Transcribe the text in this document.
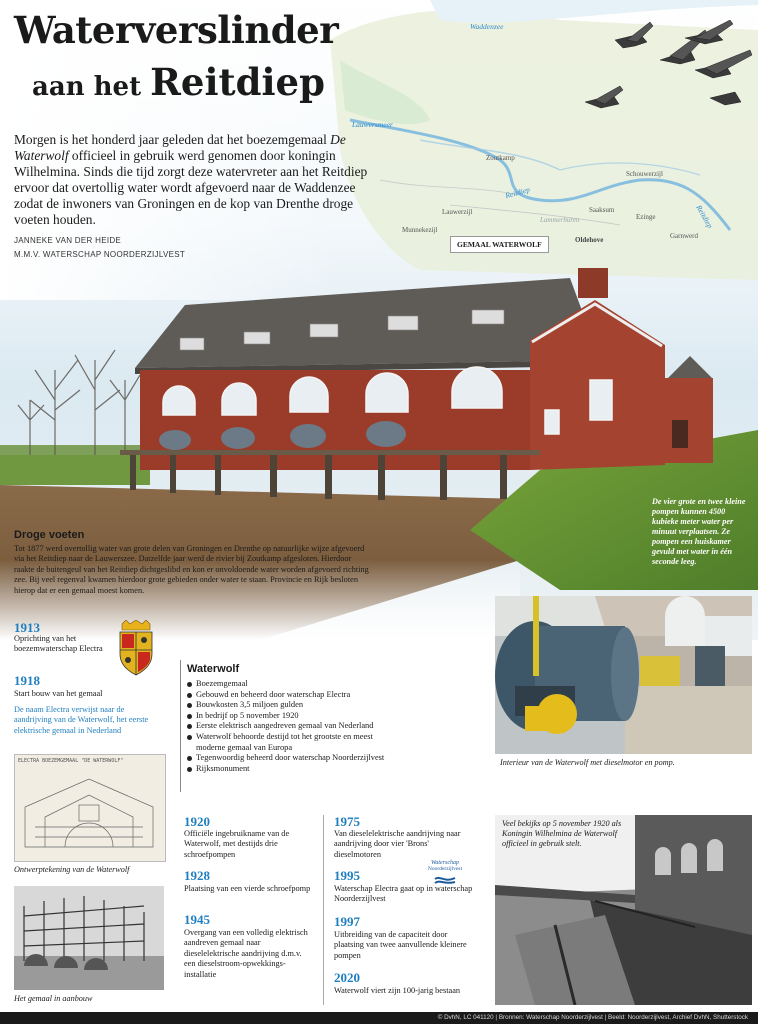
Waddenzee
Lauwersmeer
Reitdiep
Reitdiep
Lammerburen
Zoutkamp
Schouwerzijl
Lauwerzijl	Saaksum
Ezinge
Munnekezijl
Oldehove	Garnwerd
GEMAAL WATERWOLF
Waterverslinder
aan het Reitdiep
Morgen is het honderd jaar geleden dat het boezemgemaal De Waterwolf officieel in gebruik werd genomen door koningin Wilhelmina. Sinds die tijd zorgt deze watervreter aan het Reitdiep ervoor dat overtollig water wordt afgevoerd naar de Waddenzee zodat de inwoners van Groningen en de kop van Drenthe droge voeten houden.
JANNEKE VAN DER HEIDE
M.M.V. WATERSCHAP NOORDERZIJLVEST
De vier grote en twee kleine pompen kunnen 4500 kubieke meter water per minuut verplaatsen. Ze pompen een huiskamer gevuld met water in één seconde leeg.
Droge voeten
Tot 1877 werd overtollig water van grote delen van Groningen en Drenthe op natuurlijke wijze afgevoerd via het Reitdiep naar de Lauwerszee. Datzelfde jaar werd de rivier bij Zoutkamp afgesloten. Hierdoor raakte de buitengeul van het Reitdiep dichtgeslibd en kon er onvoldoende water worden afgevoerd richting zee. Bij veel regenval kwamen hierdoor grote gebieden onder water te staan. Provincie en Rijk besloten hierop dat er een gemaal moest komen.
1913
Oprichting van het boezemwaterschap Electra
1918
Start bouw van het gemaal
De naam Electra verwijst naar de aandrijving van de Waterwolf, het eerste elektrische gemaal in Nederland
ELECTRA BOEZEMGEMAAL "DE WATERWOLF"
Ontwerptekening van de Waterwolf
Het gemaal in aanbouw
Waterwolf
Boezemgemaal
Gebouwd en beheerd door waterschap Electra
Bouwkosten 3,5 miljoen gulden
In bedrijf op 5 november 1920
Eerste elektrisch aangedreven gemaal van Nederland
Waterwolf behoorde destijd tot het grootste en meest moderne gemaal van Europa
Tegenwoordig beheerd door waterschap Noorderzijlvest
Rijksmonument
Interieur van de Waterwolf met dieselmotor en pomp.
1920
Officiële ingebruikname van de Waterwolf, met destijds drie schroefpompen
1928
Plaatsing van een vierde schroefpomp
1945
Overgang van een volledig elektrisch aandreven gemaal naar dieselelektrische aandrijving d.m.v. een dieselstroom-opwekkings-installatie
1975
Van dieselelektrische aandrijving naar aandrijving door vier 'Brons' dieselmotoren
1995
Waterschap Electra gaat op in waterschap Noorderzijlvest
Waterschap
Noorderzijlvest
1997
Uitbreiding van de capaciteit door plaatsing van twee aanvullende kleinere pompen
2020
Waterwolf viert zijn 100-jarig bestaan
Veel bekijks op 5 november 1920 als Koningin Wilhelmina de Waterwolf officieel in gebruik stelt.
© DvhN, LC 041120 | Bronnen: Waterschap Noorderzijlvest | Beeld: Noorderzijlvest, Archief DvhN, Shutterstock
